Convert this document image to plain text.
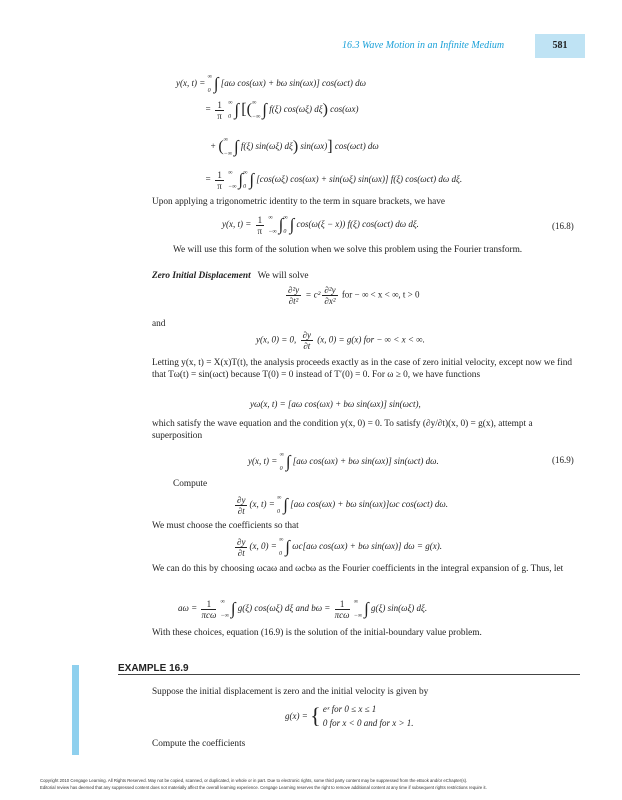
16.3 Wave Motion in an Infinite Medium	581
y(x, t) =
∞
0 ∫ [aω cos(ωx) + bω sin(ωx)] cos(ωct) dω
= $\frac{1}{\pi}$
∞
0 ∫ [( ∞
−∞ ∫ f(ξ) cos(ωξ) dξ) cos(ωx)
+ ( ∞
−∞ ∫ f(ξ) sin(ωξ) dξ) sin(ωx)] cos(ωct) dω
= $\frac{1}{\pi}$
∞
−∞ ∫ ∞
0 ∫ [cos(ωξ) cos(ωx) + sin(ωξ) sin(ωx)] f(ξ) cos(ωct) dω dξ.
Upon applying a trigonometric identity to the term in square brackets, we have
y(x, $t) = \frac{1}{\pi}$
∞
−∞ ∫ ∞
0 ∫ cos(ω(ξ − x)) f(ξ) cos(ωct) dω dξ.	(16.8)
We will use this form of the solution when we solve this problem using the Fourier transform.
Zero Initial Displacement We will solve
$\frac{\text{∂²y}}{\text{∂t²}} = c^2 \frac{\text{∂²y}}{\text{∂x²}}$ for − ∞ < x < ∞, t > 0
and
y(x, 0) = 0, $\frac{\partial y}{\partial t} (x$, 0) = g(x) for − ∞ < x < ∞.
Letting y(x, t) = X(x)T(t), the analysis proceeds exactly as in the case of zero initial velocity, except now we find that Tω(t) = sin(ωct) because T(0) = 0 instead of T′(0) = 0. For ω ≥ 0, we have functions
yω(x, t) = [aω cos(ωx) + bω sin(ωx)] sin(ωct),
which satisfy the wave equation and the condition y(x, 0) = 0. To satisfy (∂y/∂t)(x, 0) = g(x), attempt a superposition
y(x, t) =
∞
0 ∫ [aω cos(ωx) + bω sin(ωx)] sin(ωct) dω.	(16.9)
Compute
$\frac{\partial y}{\partial t} (x$, t) =
∞
0 ∫ [aω cos(ωx) + bω sin(ωx)]ωc cos(ωct) dω.
We must choose the coefficients so that
$\frac{\partial y}{\partial t} (x$, 0) =
∞
0 ∫ ωc[aω cos(ωx) + bω sin(ωx)] dω = g(x).
We can do this by choosing ωcaω and ωcbω as the Fourier coefficients in the integral expansion of g. Thus, let
$a\omega = \frac{1}{\text{πcω}}$
∞
−∞ ∫ g(ξ) cos(ωξ) dξ and $b\omega = \frac{1}{\text{πcω}}$
∞
−∞ ∫ g(ξ) sin(ωξ) dξ.
With these choices, equation (16.9) is the solution of the initial-boundary value problem.
EXAMPLE 16.9
Suppose the initial displacement is zero and the initial velocity is given by
g(x) = { eˣ for 0 ≤ x ≤ 1
0 for x < 0 and for x > 1.
Compute the coefficients
Copyright 2010 Cengage Learning. All Rights Reserved. May not be copied, scanned, or duplicated, in whole or in part. Due to electronic rights, some third party content may be suppressed from the eBook and/or eChapter(s).
Editorial review has deemed that any suppressed content does not materially affect the overall learning experience. Cengage Learning reserves the right to remove additional content at any time if subsequent rights restrictions require it.
